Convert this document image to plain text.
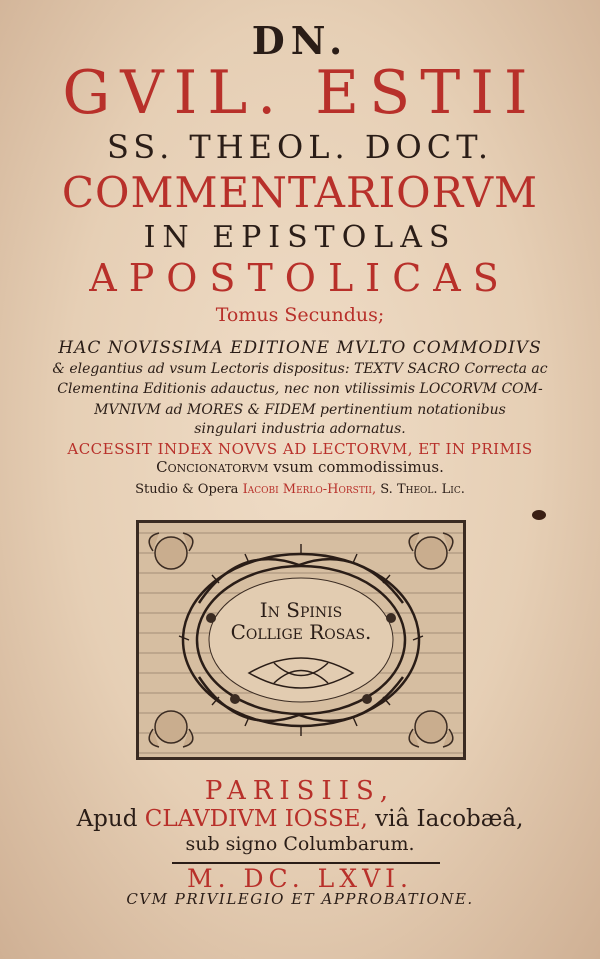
DN.
GVIL. ESTII
SS. THEOL. DOCT.
COMMENTARIORVM
IN EPISTOLAS
APOSTOLICAS
Tomus Secundus;
HAC NOVISSIMA EDITIONE MVLTO COMMODIVS
& elegantius ad vsum Lectoris dispositus: TEXTV SACRO Correcta ac
Clementina Editionis adauctus, nec non vtilissimis LOCORVM COM-
MVNIVM ad MORES & FIDEM pertinentium notationibus
singulari industria adornatus.
ACCESSIT INDEX NOVVS AD LECTORVM, ET IN PRIMIS
Concionatorvm vsum commodissimus.
Studio & Opera Iacobi Merlo-Horstii, S. Theol. Lic.
In Spinis
Collige Rosas.
PARISIIS,
Apud CLAVDIVM IOSSE, viâ Iacobæâ,
sub signo Columbarum.
M. DC. LXVI.
CVM PRIVILEGIO ET APPROBATIONE.
